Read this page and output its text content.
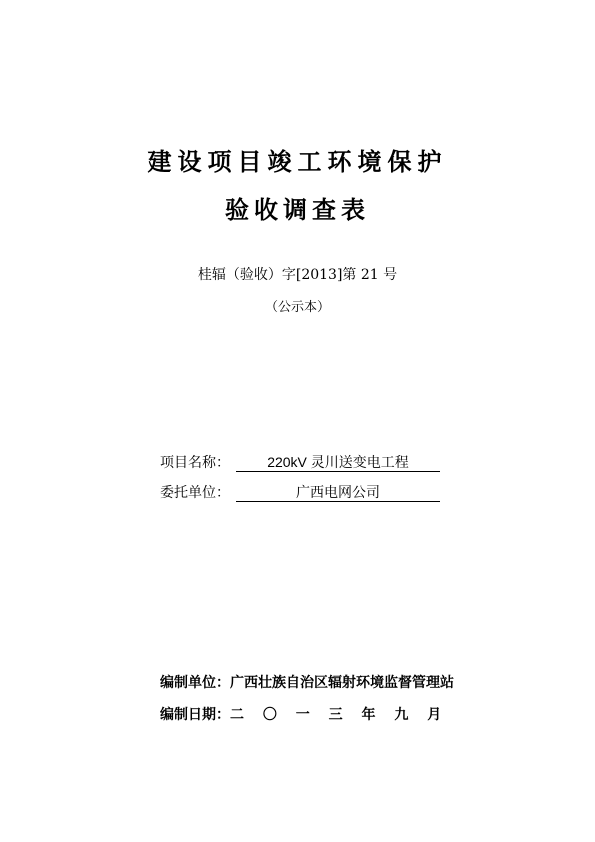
建设项目竣工环境保护
验收调查表
桂辐（验收）字[2013]第 21 号
（公示本）
项目名称：	220kV 灵川送变电工程
委托单位：	广西电网公司
编制单位：广西壮族自治区辐射环境监督管理站
编制日期：二 〇 一 三 年 九 月
